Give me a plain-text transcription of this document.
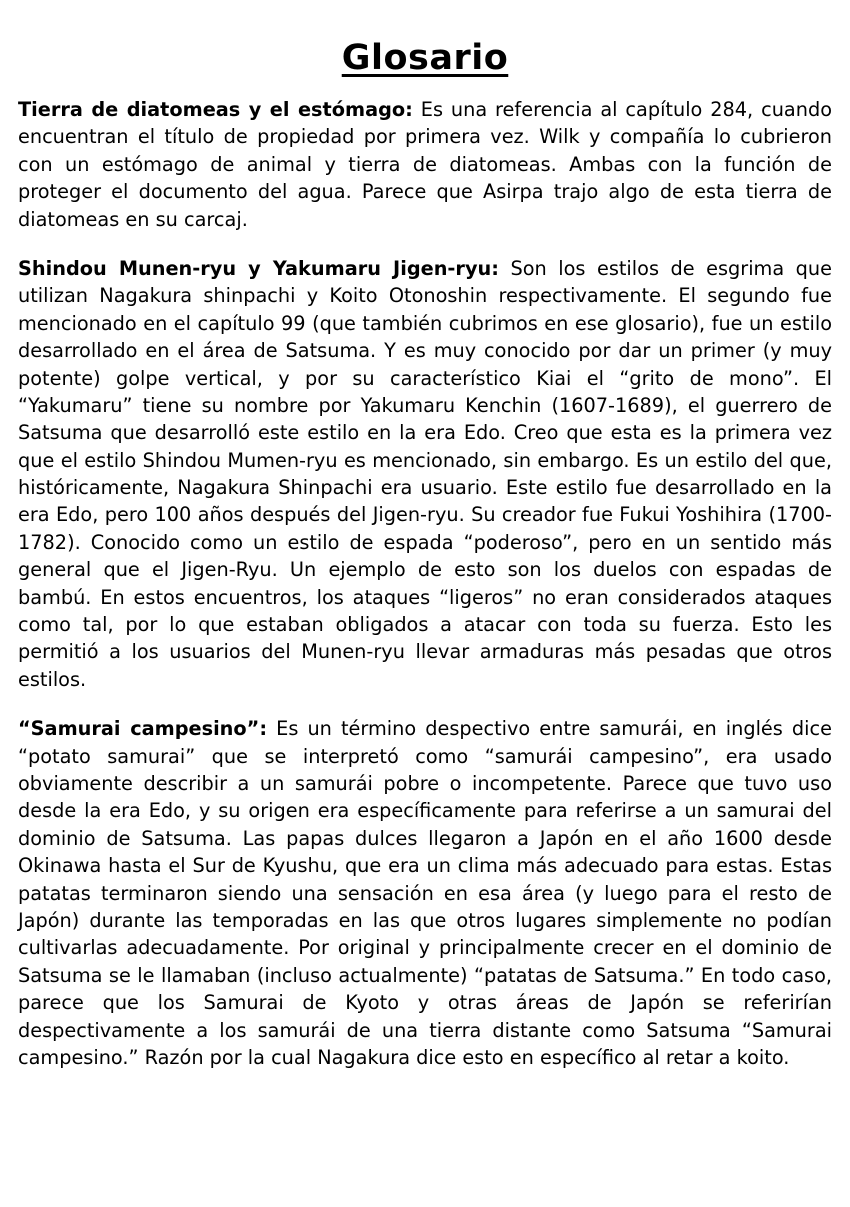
Glosario

Tierra de diatomeas y el estómago: Es una referencia al capítulo 284, cuando encuentran el título de propiedad por primera vez. Wilk y compañía lo cubrieron con un estómago de animal y tierra de diatomeas. Ambas con la función de proteger el documento del agua. Parece que Asirpa trajo algo de esta tierra de diatomeas en su carcaj.

Shindou Munen-ryu y Yakumaru Jigen-ryu: Son los estilos de esgrima que utilizan Nagakura shinpachi y Koito Otonoshin respectivamente. El segundo fue mencionado en el capítulo 99 (que también cubrimos en ese glosario), fue un estilo desarrollado en el área de Satsuma. Y es muy conocido por dar un primer (y muy potente) golpe vertical, y por su característico Kiai el “grito de mono”. El “Yakumaru” tiene su nombre por Yakumaru Kenchin (1607-1689), el guerrero de Satsuma que desarrolló este estilo en la era Edo. Creo que esta es la primera vez que el estilo Shindou Mumen-ryu es mencionado, sin embargo. Es un estilo del que, históricamente, Nagakura Shinpachi era usuario. Este estilo fue desarrollado en la era Edo, pero 100 años después del Jigen-ryu. Su creador fue Fukui Yoshihira (1700-1782). Conocido como un estilo de espada “poderoso”, pero en un sentido más general que el Jigen-Ryu. Un ejemplo de esto son los duelos con espadas de bambú. En estos encuentros, los ataques “ligeros” no eran considerados ataques como tal, por lo que estaban obligados a atacar con toda su fuerza. Esto les permitió a los usuarios del Munen-ryu llevar armaduras más pesadas que otros estilos.

“Samurai campesino”: Es un término despectivo entre samurái, en inglés dice “potato samurai” que se interpretó como “samurái campesino”, era usado obviamente describir a un samurái pobre o incompetente. Parece que tuvo uso desde la era Edo, y su origen era específicamente para referirse a un samurai del dominio de Satsuma. Las papas dulces llegaron a Japón en el año 1600 desde Okinawa hasta el Sur de Kyushu, que era un clima más adecuado para estas. Estas patatas terminaron siendo una sensación en esa área (y luego para el resto de Japón) durante las temporadas en las que otros lugares simplemente no podían cultivarlas adecuadamente. Por original y principalmente crecer en el dominio de Satsuma se le llamaban (incluso actualmente) “patatas de Satsuma.” En todo caso, parece que los Samurai de Kyoto y otras áreas de Japón se referirían despectivamente a los samurái de una tierra distante como Satsuma “Samurai campesino.” Razón por la cual Nagakura dice esto en específico al retar a koito.
